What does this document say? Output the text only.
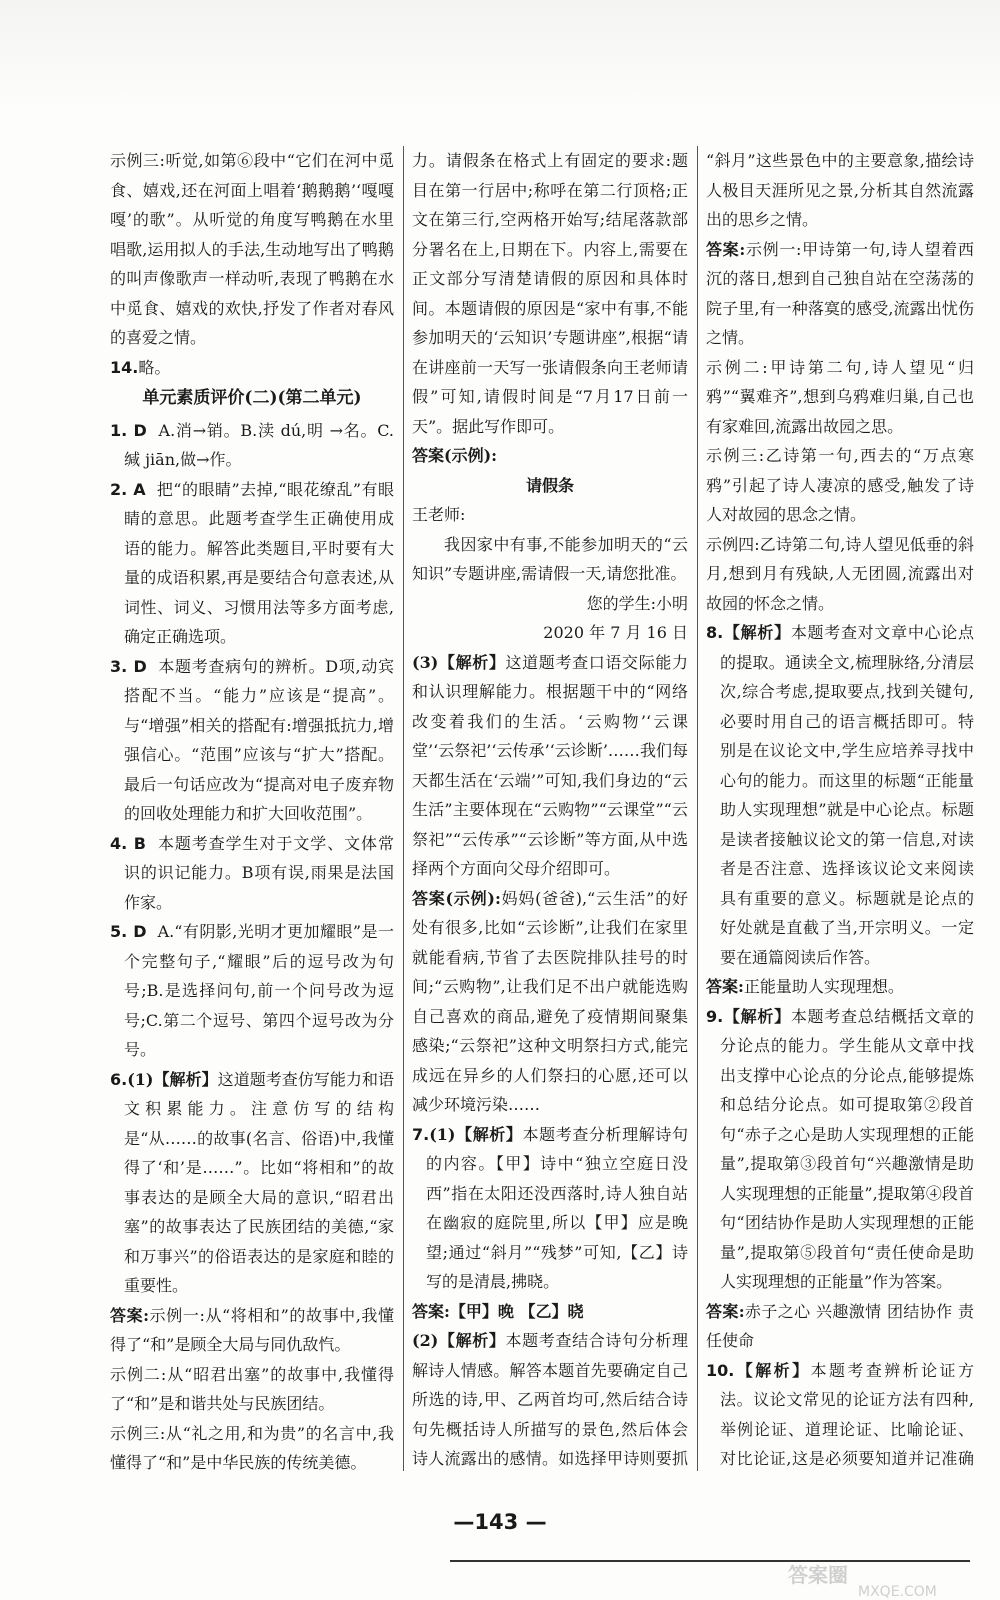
示例三:听觉,如第⑥段中“它们在河中觅食、嬉戏,还在河面上唱着‘鹅鹅鹅’‘嘎嘎嘎’的歌”。从听觉的角度写鸭鹅在水里唱歌,运用拟人的手法,生动地写出了鸭鹅的叫声像歌声一样动听,表现了鸭鹅在水中觅食、嬉戏的欢快,抒发了作者对春风的喜爱之情。

14.略。

单元素质评价(二)(第二单元)

1. D A.消→销。B.渎 dú,明 →名。C.缄 jiān,做→作。

2. A 把“的眼睛”去掉,“眼花缭乱”有眼睛的意思。此题考查学生正确使用成语的能力。解答此类题目,平时要有大量的成语积累,再是要结合句意表述,从词性、词义、习惯用法等多方面考虑,确定正确选项。

3. D 本题考查病句的辨析。D项,动宾搭配不当。“能力”应该是“提高”。与“增强”相关的搭配有:增强抵抗力,增强信心。“范围”应该与“扩大”搭配。最后一句话应改为“提高对电子废弃物的回收处理能力和扩大回收范围”。

4. B 本题考查学生对于文学、文体常识的识记能力。B项有误,雨果是法国作家。

5. D A.“有阴影,光明才更加耀眼”是一个完整句子,“耀眼”后的逗号改为句号;B.是选择问句,前一个问号改为逗号;C.第二个逗号、第四个逗号改为分号。

6.(1)【解析】这道题考查仿写能力和语文积累能力。注意仿写的结构是“从……的故事(名言、俗语)中,我懂得了‘和’是……”。比如“将相和”的故事表达的是顾全大局的意识,“昭君出塞”的故事表达了民族团结的美德,“家和万事兴”的俗语表达的是家庭和睦的重要性。

答案:示例一:从“将相和”的故事中,我懂得了“和”是顾全大局与同仇敌忾。

示例二:从“昭君出塞”的故事中,我懂得了“和”是和谐共处与民族团结。

示例三:从“礼之用,和为贵”的名言中,我懂得了“和”是中华民族的传统美德。

力。请假条在格式上有固定的要求:题目在第一行居中;称呼在第二行顶格;正文在第三行,空两格开始写;结尾落款部分署名在上,日期在下。内容上,需要在正文部分写清楚请假的原因和具体时间。本题请假的原因是“家中有事,不能参加明天的‘云知识’专题讲座”,根据“请在讲座前一天写一张请假条向王老师请假”可知,请假时间是“7月17日前一天”。据此写作即可。

答案(示例):

请假条

王老师:

我因家中有事,不能参加明天的“云知识”专题讲座,需请假一天,请您批准。

您的学生:小明

2020 年 7 月 16 日

(3)【解析】这道题考查口语交际能力和认识理解能力。根据题干中的“网络改变着我们的生活。‘云购物’‘云课堂’‘云祭祀’‘云传承’‘云诊断’……我们每天都生活在‘云端’”可知,我们身边的“云生活”主要体现在“云购物”“云课堂”“云祭祀”“云传承”“云诊断”等方面,从中选择两个方面向父母介绍即可。

答案(示例):妈妈(爸爸),“云生活”的好处有很多,比如“云诊断”,让我们在家里就能看病,节省了去医院排队挂号的时间;“云购物”,让我们足不出户就能选购自己喜欢的商品,避免了疫情期间聚集感染;“云祭祀”这种文明祭扫方式,能完成远在异乡的人们祭扫的心愿,还可以减少环境污染……

7.(1)【解析】本题考查分析理解诗句的内容。【甲】诗中“独立空庭日没西”指在太阳还没西落时,诗人独自站在幽寂的庭院里,所以【甲】应是晚望;通过“斜月”“残梦”可知,【乙】诗写的是清晨,拂晓。

答案:【甲】晚 【乙】晓

(2)【解析】本题考查结合诗句分析理解诗人情感。解答本题首先要确定自己所选的诗,甲、乙两首均可,然后结合诗句先概括诗人所描写的景色,然后体会诗人流露出的感情。如选择甲诗则要抓

“斜月”这些景色中的主要意象,描绘诗人极目天涯所见之景,分析其自然流露出的思乡之情。

答案:示例一:甲诗第一句,诗人望着西沉的落日,想到自己独自站在空荡荡的院子里,有一种落寞的感受,流露出忧伤之情。

示例二:甲诗第二句,诗人望见“归鸦”“翼难齐”,想到乌鸦难归巢,自己也有家难回,流露出故园之思。

示例三:乙诗第一句,西去的“万点寒鸦”引起了诗人凄凉的感受,触发了诗人对故园的思念之情。

示例四:乙诗第二句,诗人望见低垂的斜月,想到月有残缺,人无团圆,流露出对故园的怀念之情。

8.【解析】本题考查对文章中心论点的提取。通读全文,梳理脉络,分清层次,综合考虑,提取要点,找到关键句,必要时用自己的语言概括即可。特别是在议论文中,学生应培养寻找中心句的能力。而这里的标题“正能量助人实现理想”就是中心论点。标题是读者接触议论文的第一信息,对读者是否注意、选择该议论文来阅读具有重要的意义。标题就是论点的好处就是直截了当,开宗明义。一定要在通篇阅读后作答。

答案:正能量助人实现理想。

9.【解析】本题考查总结概括文章的分论点的能力。学生能从文章中找出支撑中心论点的分论点,能够提炼和总结分论点。如可提取第②段首句“赤子之心是助人实现理想的正能量”,提取第③段首句“兴趣激情是助人实现理想的正能量”,提取第④段首句“团结协作是助人实现理想的正能量”,提取第⑤段首句“责任使命是助人实现理想的正能量”作为答案。

答案:赤子之心 兴趣激情 团结协作 责任使命

10.【解析】本题考查辨析论证方法。议论文常见的论证方法有四种,举例论证、道理论证、比喻论证、对比论证,这是必须要知道并记准确

—143 —
答案圈
MXQE.COM
